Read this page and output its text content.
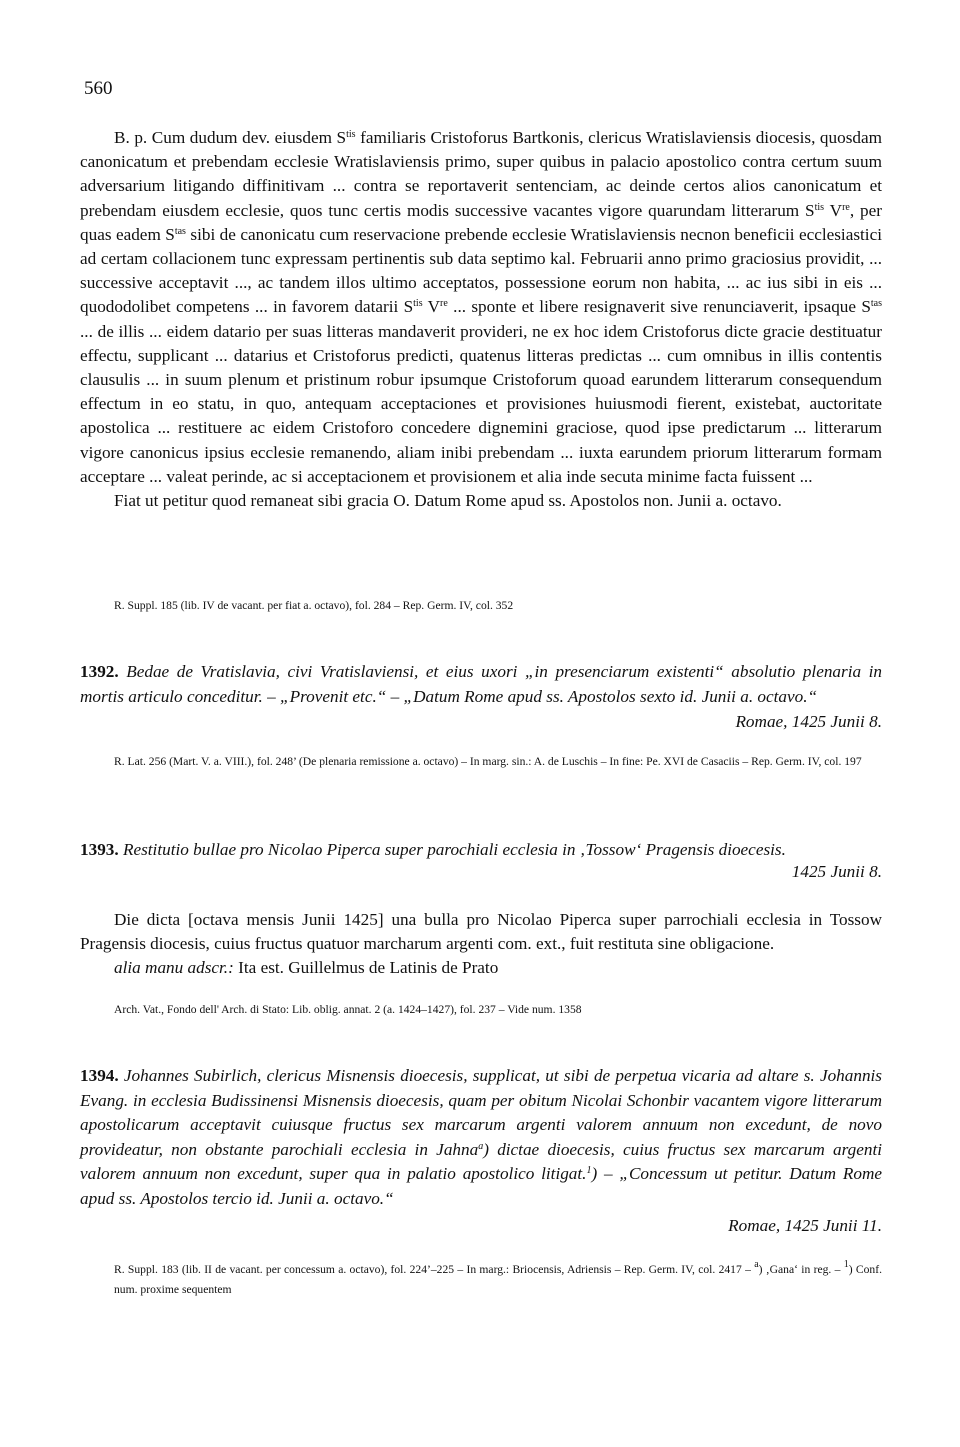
560

B. p. Cum dudum dev. eiusdem $S^{tis}$ familiaris Cristoforus Bartkonis, clericus Wratislaviensis diocesis, quosdam canonicatum et prebendam ecclesie Wratislaviensis primo, super quibus in palacio apostolico contra certum suum adversarium litigando diffinitivam ... contra se reportaverit sentenciam, ac deinde certos alios canonicatum et prebendam eiusdem ecclesie, quos tunc certis modis successive vacantes vigore quarundam litterarum $S^{tis}$ Vre, per quas eadem $S^{tas}$ sibi de canonicatu cum reservacione prebende ecclesie Wratislaviensis necnon beneficii ecclesiastici ad certam collacionem tunc expressam pertinentis sub data septimo kal. Februarii anno primo graciosius providit, ... successive acceptavit ..., ac tandem illos ultimo acceptatos, possessione eorum non habita, ... ac ius sibi in eis ... quododolibet competens ... in favorem datarii $S^{tis}$ Vre ... sponte et libere resignaverit sive renunciaverit, ipsaque $S^{tas}$ ... de illis ... eidem datario per suas litteras mandaverit provideri, ne ex hoc idem Cristoforus dicte gracie destituatur effectu, supplicant ... datarius et Cristoforus predicti, quatenus litteras predictas ... cum omnibus in illis contentis clausulis ... in suum plenum et pristinum robur ipsumque Cristoforum quoad earundem litterarum consequendum effectum in eo statu, in quo, antequam acceptaciones et provisiones huiusmodi fierent, existebat, auctoritate apostolica ... restituere ac eidem Cristoforo concedere dignemini graciose, quod ipse predictarum ... litterarum vigore canonicus ipsius ecclesie remanendo, aliam inibi prebendam ... iuxta earundem priorum litterarum formam acceptare ... valeat perinde, ac si acceptacionem et provisionem et alia inde secuta minime facta fuissent ...

Fiat ut petitur quod remaneat sibi gracia O. Datum Rome apud ss. Apostolos non. Junii a. octavo.

R. Suppl. 185 (lib. IV de vacant. per fiat a. octavo), fol. 284 – Rep. Germ. IV, col. 352
1392. Bedae de Vratislavia, civi Vratislaviensi, et eius uxori „in presenciarum existenti“ absolutio plenaria in mortis articulo conceditur. – „Provenit etc.“ – „Datum Rome apud ss. Apostolos sexto id. Junii a. octavo.“
Romae, 1425 Junii 8.
R. Lat. 256 (Mart. V. a. VIII.), fol. 248’ (De plenaria remissione a. octavo) – In marg. sin.: A. de Luschis – In fine: Pe. XVI de Casaciis – Rep. Germ. IV, col. 197
1393. Restitutio bullae pro Nicolao Piperca super parochiali ecclesia in ‚Tossow‘ Pragensis dioecesis.
1425 Junii 8.

Die dicta [octava mensis Junii 1425] una bulla pro Nicolao Piperca super parrochiali ecclesia in Tossow Pragensis diocesis, cuius fructus quatuor marcharum argenti com. ext., fuit restituta sine obligacione.

alia manu adscr.: Ita est. Guillelmus de Latinis de Prato

Arch. Vat., Fondo dell' Arch. di Stato: Lib. oblig. annat. 2 (a. 1424–1427), fol. 237 – Vide num. 1358
1394. Johannes Subirlich, clericus Misnensis dioecesis, supplicat, ut sibi de perpetua vicaria ad altare s. Johannis Evang. in ecclesia Budissinensi Misnensis dioecesis, quam per obitum Nicolai Schonbir vacantem vigore litterarum apostolicarum acceptavit cuiusque fructus sex marcarum argenti valorem annuum non excedunt, de novo provideatur, non obstante parochiali ecclesia in Jahna$^a$) dictae dioecesis, cuius fructus sex marcarum argenti valorem annuum non excedunt, super qua in palatio apostolico litigat.$^1$) – „Concessum ut petitur. Datum Rome apud ss. Apostolos tercio id. Junii a. octavo.“
Romae, 1425 Junii 11.
R. Suppl. 183 (lib. II de vacant. per concessum a. octavo), fol. 224’–225 – In marg.: Briocensis, Adriensis – Rep. Germ. IV, col. 2417 – $^a$) ‚Gana‘ in reg. – $^1$) Conf. num. proxime sequentem
